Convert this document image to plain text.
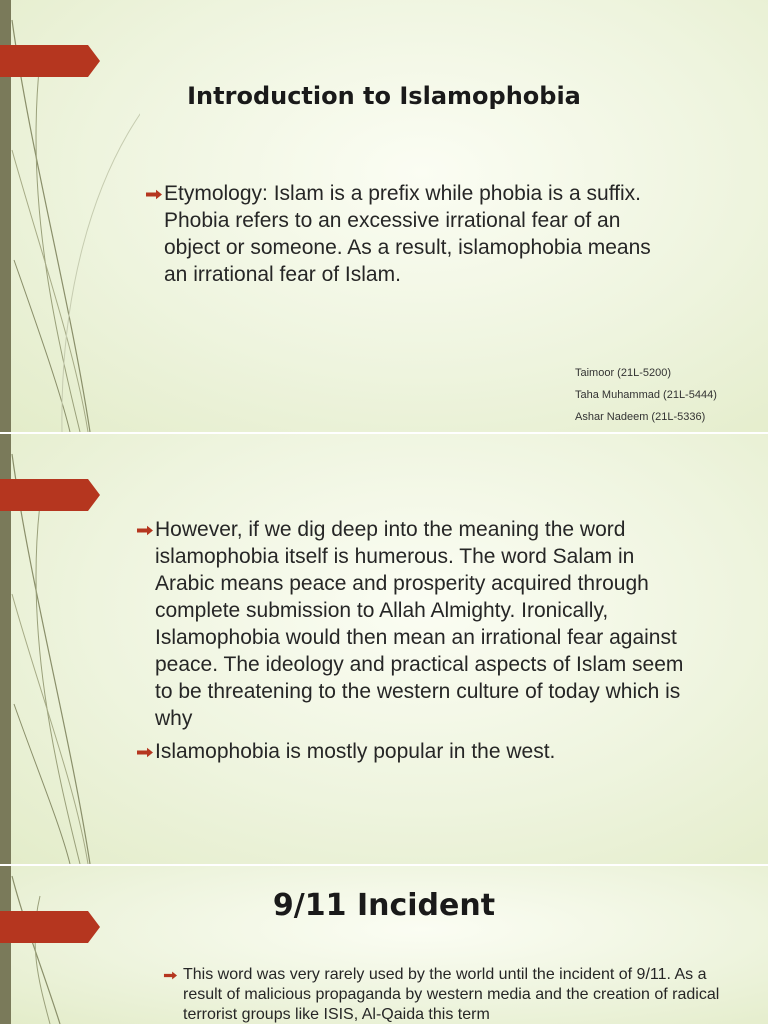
Introduction to Islamophobia
Etymology: Islam is a prefix while phobia is a suffix. Phobia refers to an excessive irrational fear of an object or someone. As a result, islamophobia means an irrational fear of Islam.
Taimoor (21L-5200)
Taha Muhammad (21L-5444)
Ashar Nadeem (21L-5336)
However, if we dig deep into the meaning the word islamophobia itself is humerous. The word Salam in Arabic means peace and prosperity acquired through complete submission to Allah Almighty. Ironically, Islamophobia would then mean an irrational fear against peace. The ideology and practical aspects of Islam seem to be threatening to the western culture of today which is why
Islamophobia is mostly popular in the west.
9/11 Incident
This word was very rarely used by the world until the incident of 9/11. As a result of malicious propaganda by western media and the creation of radical terrorist groups like ISIS, Al-Qaida this term
